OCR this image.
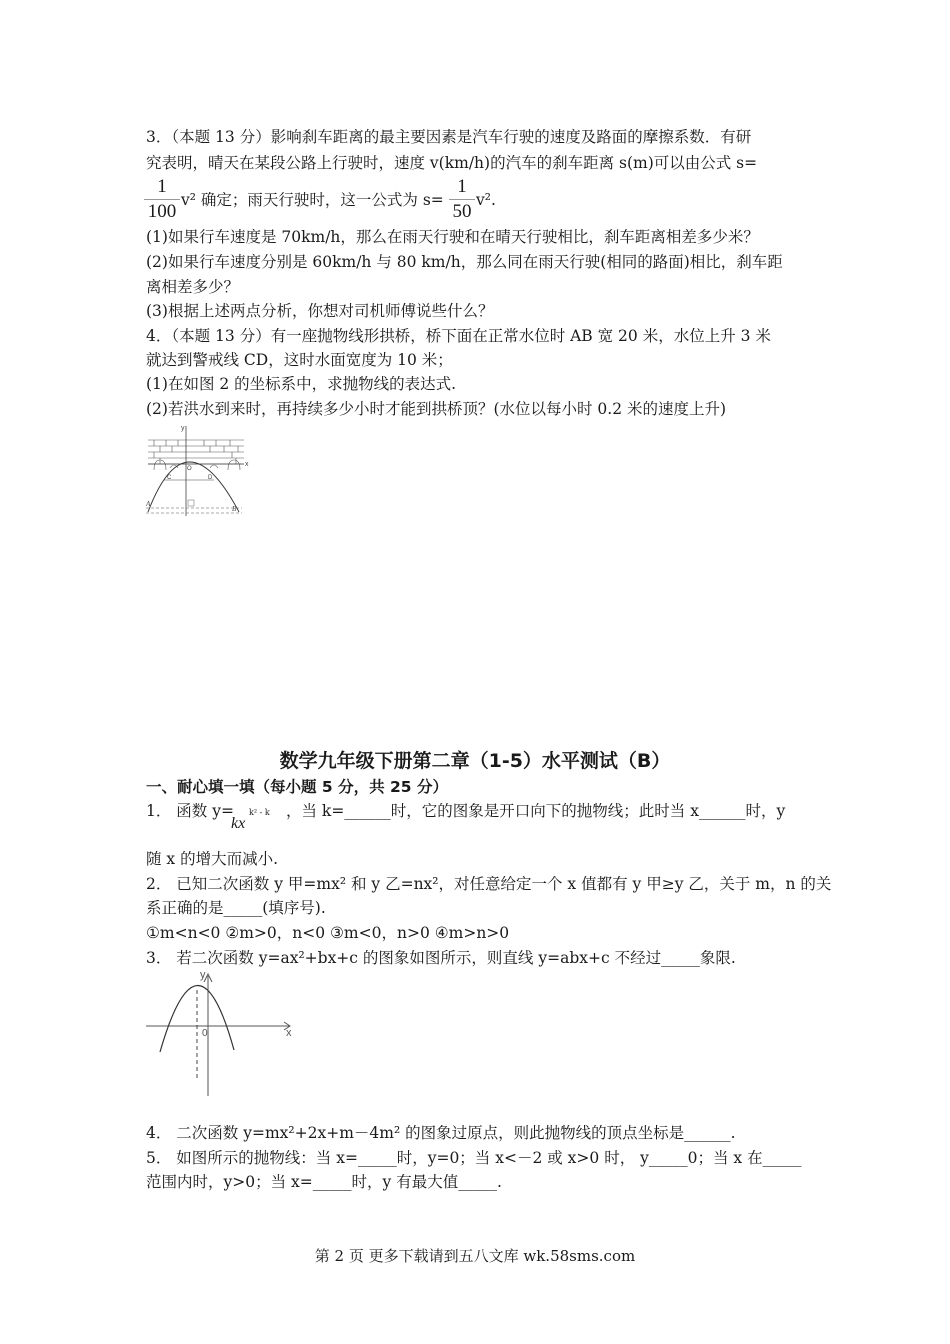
3．（本题 13 分）影响刹车距离的最主要因素是汽车行驶的速度及路面的摩擦系数．有研
究表明，晴天在某段公路上行驶时，速度 v(km/h)的汽车的刹车距离 s(m)可以由公式 s=
1
100
v² 确定；雨天行驶时，这一公式为 s=
1
50
v².
(1)如果行车速度是 70km/h，那么在雨天行驶和在晴天行驶相比，刹车距离相差多少米？
(2)如果行车速度分别是 60km/h 与 80 km/h，那么同在雨天行驶(相同的路面)相比，刹车距
离相差多少？
(3)根据上述两点分析，你想对司机师傅说些什么？
4．（本题 13 分）有一座抛物线形拱桥，桥下面在正常水位时 AB 宽 20 米，水位上升 3 米
就达到警戒线 CD，这时水面宽度为 10 米；
(1)在如图 2 的坐标系中，求抛物线的表达式.
(2)若洪水到来时，再持续多少小时才能到拱桥顶？(水位以每小时 0.2 米的速度上升)
y
x
O
C	D
A
B
数学九年级下册第二章（1-5）水平测试（B）
一、耐心填一填（每小题 5 分，共 25 分）
1． 函数 y=
kx
k² - k ，当 k=______时，它的图象是开口向下的抛物线；此时当 x______时，y
随 x 的增大而减小.
2． 已知二次函数 y 甲=mx² 和 y 乙=nx²，对任意给定一个 x 值都有 y 甲≥y 乙，关于 m，n 的关
系正确的是_____(填序号).
①m<n<0 ②m>0，n<0 ③m<0，n>0 ④m>n>0
3． 若二次函数 y=ax²+bx+c 的图象如图所示，则直线 y=abx+c 不经过_____象限.
y
x
0
4． 二次函数 y=mx²+2x+m－4m² 的图象过原点，则此抛物线的顶点坐标是______.
5． 如图所示的抛物线：当 x=_____时，y=0；当 x<－2 或 x>0 时， y_____0；当 x 在_____
范围内时，y>0；当 x=_____时，y 有最大值_____.
第 2 页 更多下载请到五八文库 wk.58sms.com
